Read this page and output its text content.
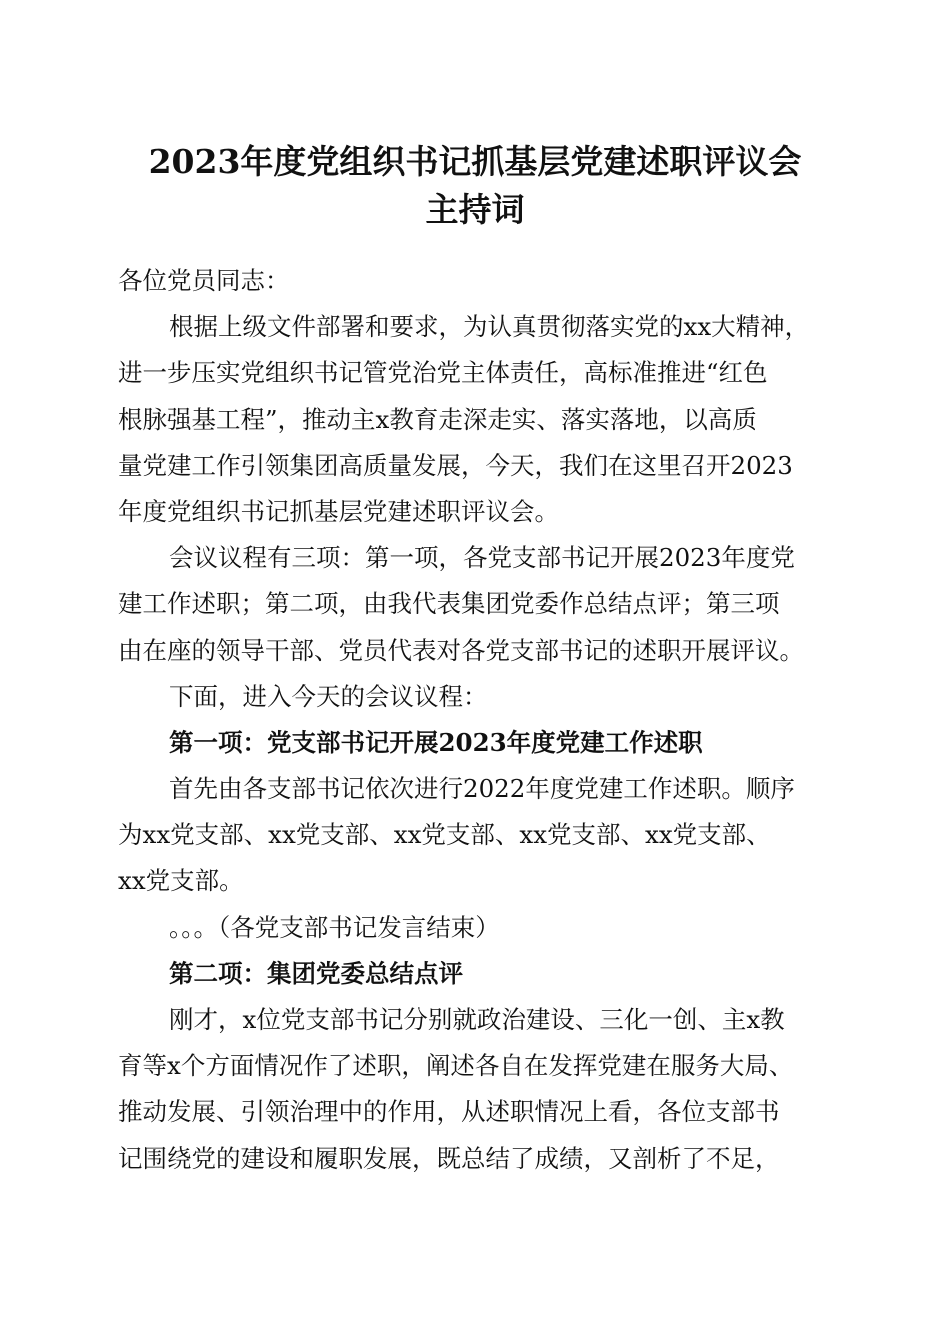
2023年度党组织书记抓基层党建述职评议会
主持词
各位党员同志：
根据上级文件部署和要求，为认真贯彻落实党的xx大精神，
进一步压实党组织书记管党治党主体责任，高标准推进“红色
根脉强基工程”，推动主x教育走深走实、落实落地，以高质
量党建工作引领集团高质量发展，今天，我们在这里召开2023
年度党组织书记抓基层党建述职评议会。
会议议程有三项：第一项，各党支部书记开展2023年度党
建工作述职；第二项，由我代表集团党委作总结点评；第三项
由在座的领导干部、党员代表对各党支部书记的述职开展评议。
下面，进入今天的会议议程：
第一项：党支部书记开展2023年度党建工作述职
首先由各支部书记依次进行2022年度党建工作述职。顺序
为xx党支部、xx党支部、xx党支部、xx党支部、xx党支部、
xx党支部。
。。。（各党支部书记发言结束）
第二项：集团党委总结点评
刚才，x位党支部书记分别就政治建设、三化一创、主x教
育等x个方面情况作了述职，阐述各自在发挥党建在服务大局、
推动发展、引领治理中的作用，从述职情况上看，各位支部书
记围绕党的建设和履职发展，既总结了成绩，又剖析了不足，
